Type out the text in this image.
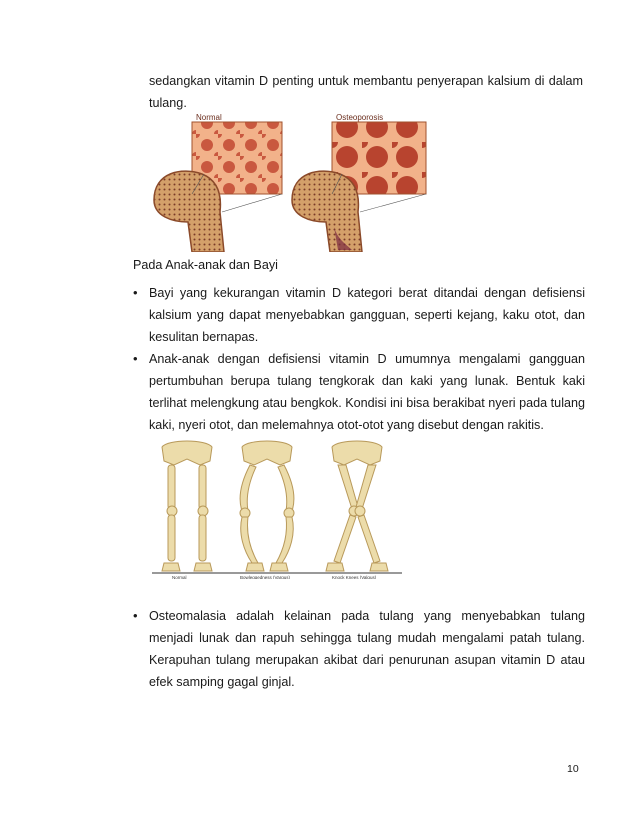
sedangkan vitamin D penting untuk membantu penyerapan kalsium di dalam tulang.
Normal	Osteoporosis
Pada Anak-anak dan Bayi
• Bayi yang kekurangan vitamin D kategori berat ditandai dengan defisiensi kalsium yang dapat menyebabkan gangguan, seperti kejang, kaku otot, dan kesulitan bernapas.
• Anak-anak dengan defisiensi vitamin D umumnya mengalami gangguan pertumbuhan berupa tulang tengkorak dan kaki yang lunak. Bentuk kaki terlihat melengkung atau bengkok. Kondisi ini bisa berakibat nyeri pada tulang kaki, nyeri otot, dan melemahnya otot-otot yang disebut dengan rakitis.
Normal	Bowleggedness (Vargus)	Knock Knees (Valgus)
• Osteomalasia adalah kelainan pada tulang yang menyebabkan tulang menjadi lunak dan rapuh sehingga tulang mudah mengalami patah tulang. Kerapuhan tulang merupakan akibat dari penurunan asupan vitamin D atau efek samping gagal ginjal.
10
